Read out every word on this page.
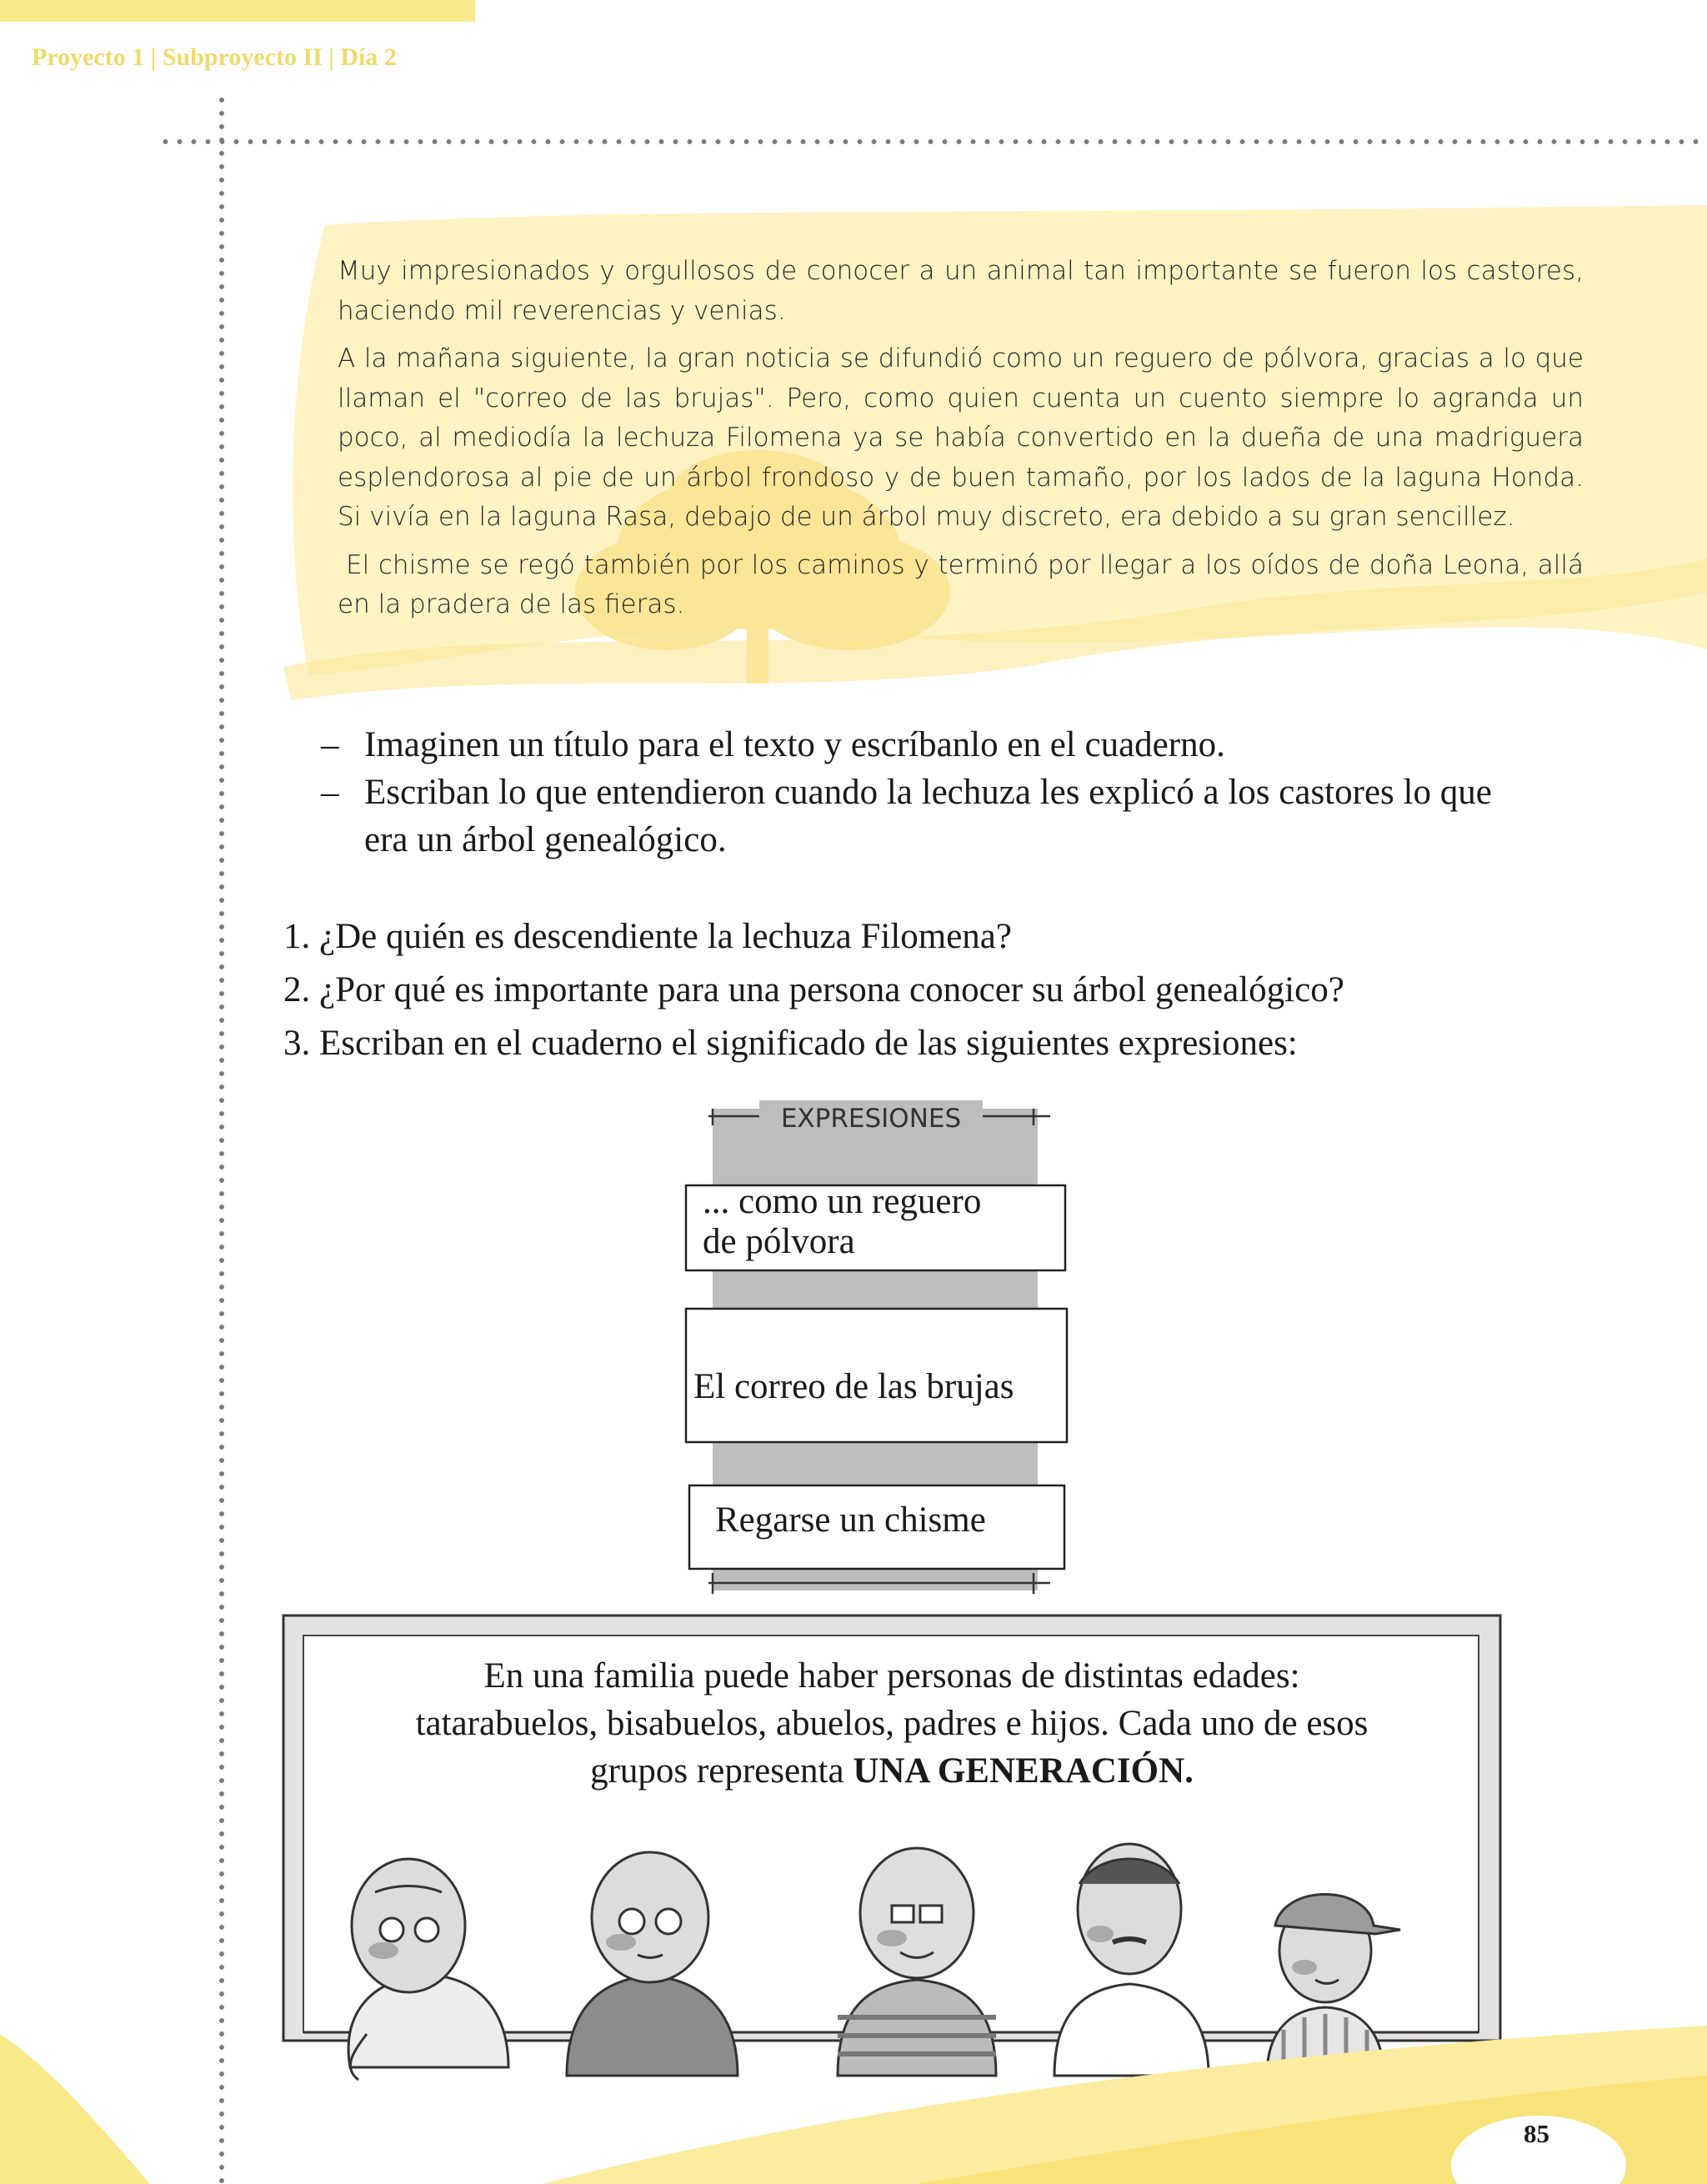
Proyecto 1 | Subproyecto II | Día 2

Muy impresionados y orgullosos de conocer a un animal tan importante se fueron los castores, haciendo mil reverencias y venias.

A la mañana siguiente, la gran noticia se difundió como un reguero de pólvora, gracias a lo que llaman el "correo de las brujas". Pero, como quien cuenta un cuento siempre lo agranda un poco, al mediodía la lechuza Filomena ya se había convertido en la dueña de una madriguera esplendorosa al pie de un árbol frondoso y de buen tamaño, por los lados de la laguna Honda. Si vivía en la laguna Rasa, debajo de un árbol muy discreto, era debido a su gran sencillez.

El chisme se regó también por los caminos y terminó por llegar a los oídos de doña Leona, allá en la pradera de las fieras.

– Imaginen un título para el texto y escríbanlo en el cuaderno.
– Escriban lo que entendieron cuando la lechuza les explicó a los castores lo que era un árbol genealógico.
1. ¿De quién es descendiente la lechuza Filomena?
2. ¿Por qué es importante para una persona conocer su árbol genealógico?
3. Escriban en el cuaderno el significado de las siguientes expresiones:
EXPRESIONES
... como un reguero
de pólvora
El correo de las brujas
Regarse un chisme
En una familia puede haber personas de distintas edades:
tatarabuelos, bisabuelos, abuelos, padres e hijos. Cada uno de esos
grupos representa UNA GENERACIÓN.
85
